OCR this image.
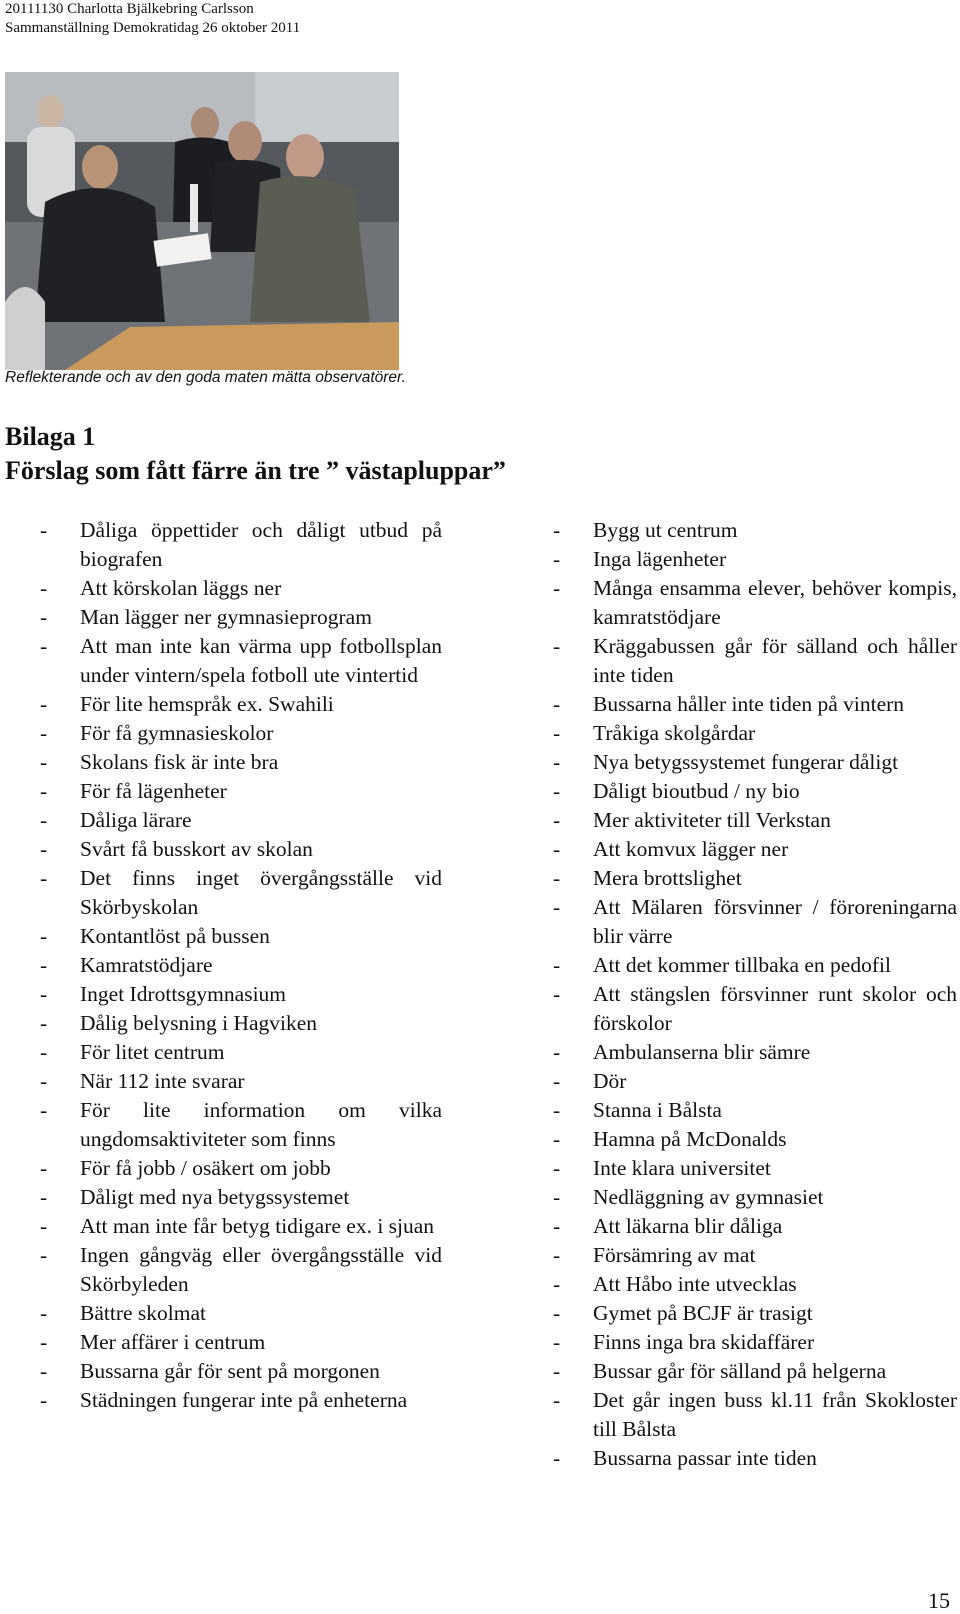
20111130 Charlotta Bjälkebring Carlsson
Sammanställning Demokratidag 26 oktober 2011
Reflekterande och av den goda maten mätta observatörer.
Bilaga 1
Förslag som fått färre än tre ” västapluppar”
- Dåliga öppettider och dåligt utbud på biografen
- Att körskolan läggs ner
- Man lägger ner gymnasieprogram
- Att man inte kan värma upp fotbollsplan under vintern/spela fotboll ute vintertid
- För lite hemspråk ex. Swahili
- För få gymnasieskolor
- Skolans fisk är inte bra
- För få lägenheter
- Dåliga lärare
- Svårt få busskort av skolan
- Det finns inget övergångsställe vid Skörbyskolan
- Kontantlöst på bussen
- Kamratstödjare
- Inget Idrottsgymnasium
- Dålig belysning i Hagviken
- För litet centrum
- När 112 inte svarar
- För lite information om vilka ungdomsaktiviteter som finns
- För få jobb / osäkert om jobb
- Dåligt med nya betygssystemet
- Att man inte får betyg tidigare ex. i sjuan
- Ingen gångväg eller övergångsställe vid Skörbyleden
- Bättre skolmat
- Mer affärer i centrum
- Bussarna går för sent på morgonen
- Städningen fungerar inte på enheterna
- Bygg ut centrum
- Inga lägenheter
- Många ensamma elever, behöver kompis, kamratstödjare
- Kräggabussen går för sälland och håller inte tiden
- Bussarna håller inte tiden på vintern
- Tråkiga skolgårdar
- Nya betygssystemet fungerar dåligt
- Dåligt bioutbud / ny bio
- Mer aktiviteter till Verkstan
- Att komvux lägger ner
- Mera brottslighet
- Att Mälaren försvinner / föroreningarna blir värre
- Att det kommer tillbaka en pedofil
- Att stängslen försvinner runt skolor och förskolor
- Ambulanserna blir sämre
- Dör
- Stanna i Bålsta
- Hamna på McDonalds
- Inte klara universitet
- Nedläggning av gymnasiet
- Att läkarna blir dåliga
- Försämring av mat
- Att Håbo inte utvecklas
- Gymet på BCJF är trasigt
- Finns inga bra skidaffärer
- Bussar går för sälland på helgerna
- Det går ingen buss kl.11 från Skokloster till Bålsta
- Bussarna passar inte tiden
15
